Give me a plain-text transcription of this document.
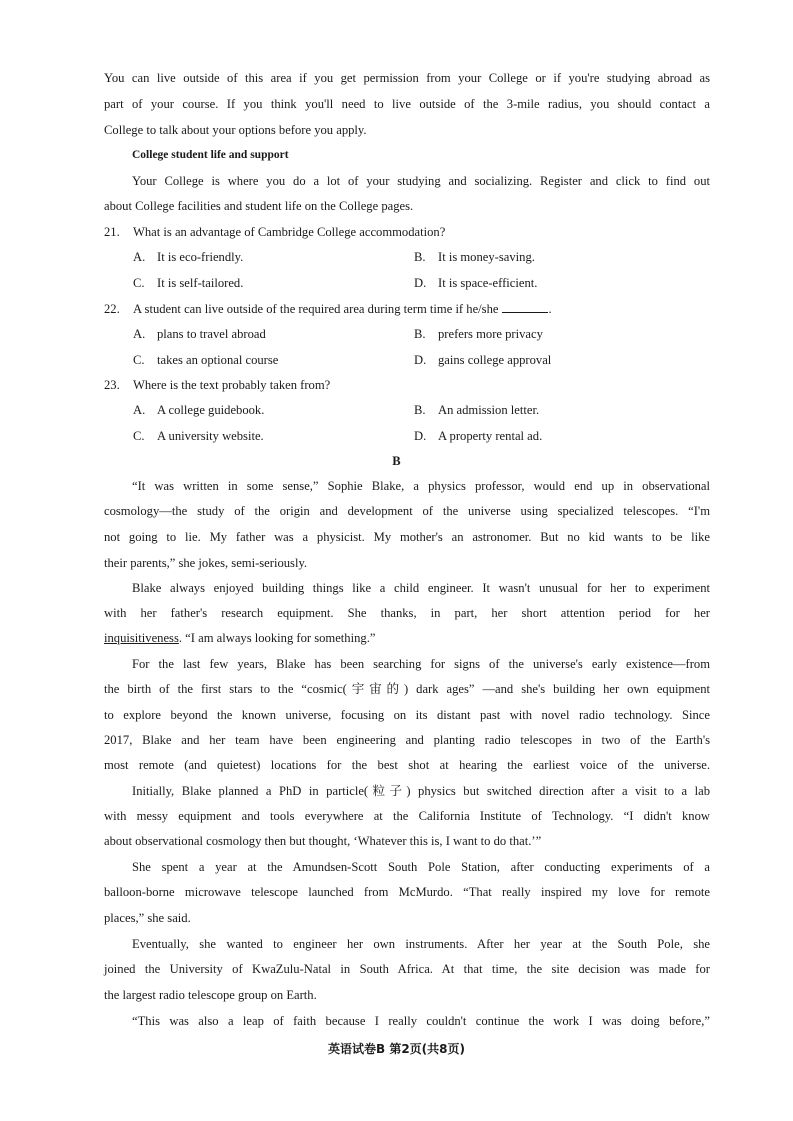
You can live outside of this area if you get permission from your College or if you're studying abroad as
part of your course. If you think you'll need to live outside of the 3-mile radius, you should contact a
College to talk about your options before you apply.
College student life and support
Your College is where you do a lot of your studying and socializing. Register and click to find out
about College facilities and student life on the College pages.
21. What is an advantage of Cambridge College accommodation?
A. It is eco-friendly.	B. It is money-saving.
C. It is self-tailored.	D. It is space-efficient.
22. A student can live outside of the required area during term time if he/she	.
A. plans to travel abroad	B. prefers more privacy
C. takes an optional course	D. gains college approval
23. Where is the text probably taken from?
A. A college guidebook.	B. An admission letter.
C. A university website.	D. A property rental ad.
B
“It was written in some sense,” Sophie Blake, a physics professor, would end up in observational
cosmology—the study of the origin and development of the universe using specialized telescopes. “I'm
not going to lie. My father was a physicist. My mother's an astronomer. But no kid wants to be like
their parents,” she jokes, semi-seriously.
Blake always enjoyed building things like a child engineer. It wasn't unusual for her to experiment
with her father's research equipment. She thanks, in part, her short attention period for her
inquisitiveness. “I am always looking for something.”
For the last few years, Blake has been searching for signs of the universe's early existence—from
the birth of the first stars to the “cosmic(宇宙的) dark ages” —and she's building her own equipment
to explore beyond the known universe, focusing on its distant past with novel radio technology. Since
2017, Blake and her team have been engineering and planting radio telescopes in two of the Earth's
most remote (and quietest) locations for the best shot at hearing the earliest voice of the universe.
Initially, Blake planned a PhD in particle(粒子) physics but switched direction after a visit to a lab
with messy equipment and tools everywhere at the California Institute of Technology. “I didn't know
about observational cosmology then but thought, ‘Whatever this is, I want to do that.’”
She spent a year at the Amundsen-Scott South Pole Station, after conducting experiments of a
balloon-borne microwave telescope launched from McMurdo. “That really inspired my love for remote
places,” she said.
Eventually, she wanted to engineer her own instruments. After her year at the South Pole, she
joined the University of KwaZulu-Natal in South Africa. At that time, the site decision was made for
the largest radio telescope group on Earth.
“This was also a leap of faith because I really couldn't continue the work I was doing before,”
英语试卷B 第2页(共8页)
